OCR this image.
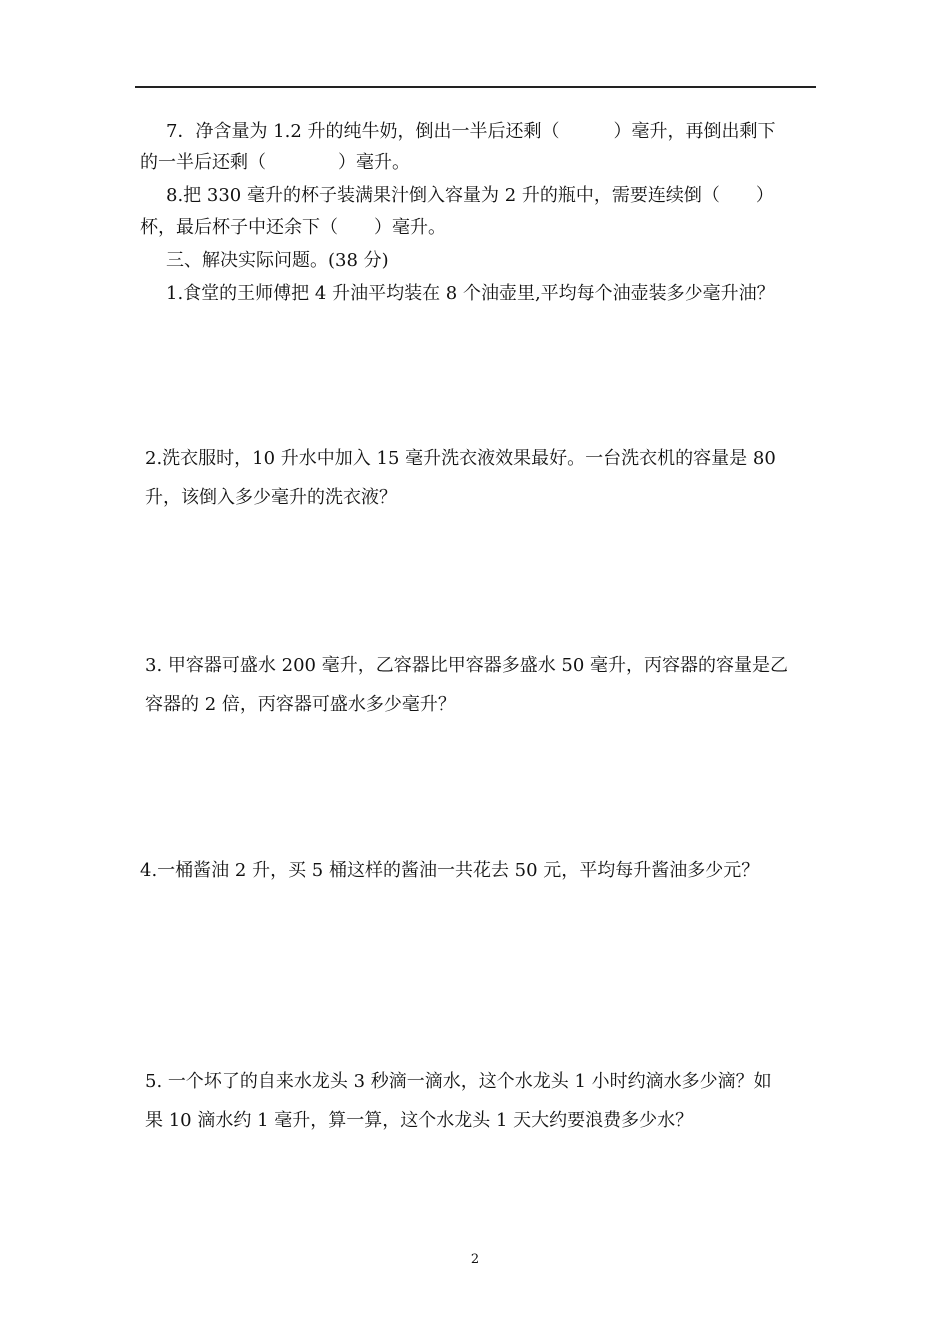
7．净含量为 1.2 升的纯牛奶，倒出一半后还剩（　　　）毫升，再倒出剩下

的一半后还剩（　　　　）毫升。

8.把 330 毫升的杯子装满果汁倒入容量为 2 升的瓶中，需要连续倒（　　）

杯，最后杯子中还余下（　　）毫升。

三、解决实际问题。(38 分)

1.食堂的王师傅把 4 升油平均装在 8 个油壶里,平均每个油壶装多少毫升油？

2.洗衣服时，10 升水中加入 15 毫升洗衣液效果最好。一台洗衣机的容量是 80

升，该倒入多少毫升的洗衣液？

3. 甲容器可盛水 200 毫升，乙容器比甲容器多盛水 50 毫升，丙容器的容量是乙

容器的 2 倍，丙容器可盛水多少毫升？

4.一桶酱油 2 升，买 5 桶这样的酱油一共花去 50 元，平均每升酱油多少元？

5. 一个坏了的自来水龙头 3 秒滴一滴水，这个水龙头 1 小时约滴水多少滴？如

果 10 滴水约 1 毫升，算一算，这个水龙头 1 天大约要浪费多少水？

2
